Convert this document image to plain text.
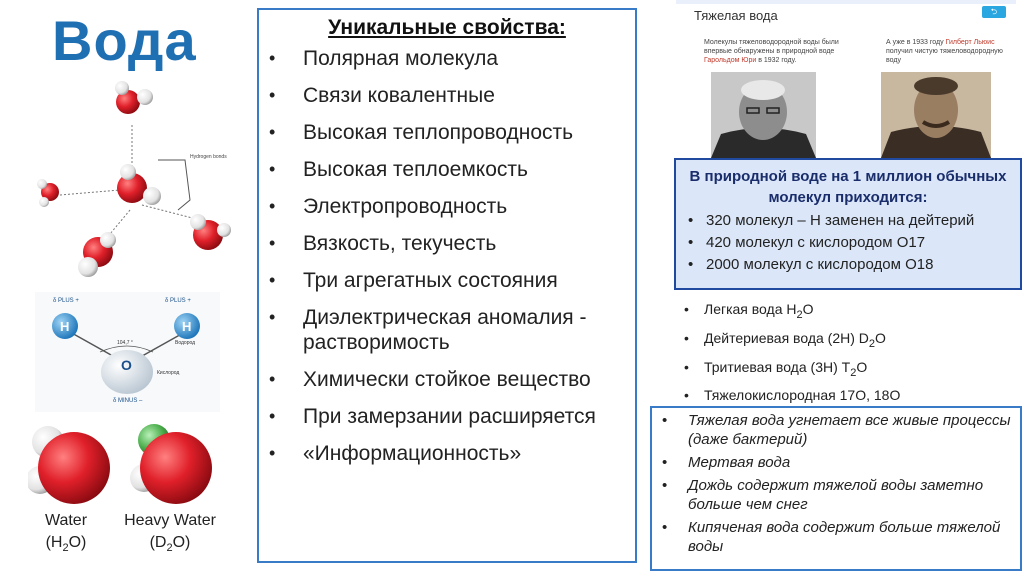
Вода
Hydrogen bonds
δ PLUS +	δ PLUS +
104,7 °
H	H
Водород
O	Кислород
δ MINUS –
Water
$(H_2O)$
Heavy Water
$(D_2O)$
Уникальные свойства:
• Полярная молекула
• Связи ковалентные
• Высокая теплопроводность
• Высокая теплоемкость
• Электропроводность
• Вязкость, текучесть
• Три агрегатных состояния
• Диэлектрическая аномалия - растворимость
• Химически стойкое вещество
• При замерзании расширяется
• «Информационность»
Тяжелая вода	⮌
Молекулы тяжеловодородной воды были впервые обнаружены в природной воде Гарольдом Юри в 1932 году.
А уже в 1933 году Гилберт Льюис получил чистую тяжеловодородную воду
В природной воде на 1 миллион обычных молекул приходится:
• 320 молекул – Н заменен на дейтерий
• 420 молекул с кислородом О17
• 2000 молекул с кислородом О18
• Легкая вода $Н_2O$
• Дейтериевая вода (2Н) $D_2O$
• Тритиевая вода (3Н) $Т_2O$
• Тяжелокислородная 17О, 18О
• Тяжелая вода угнетает все живые процессы (даже бактерий)
• Мертвая вода
• Дождь содержит тяжелой воды заметно больше чем снег
• Кипяченая вода содержит больше тяжелой воды
